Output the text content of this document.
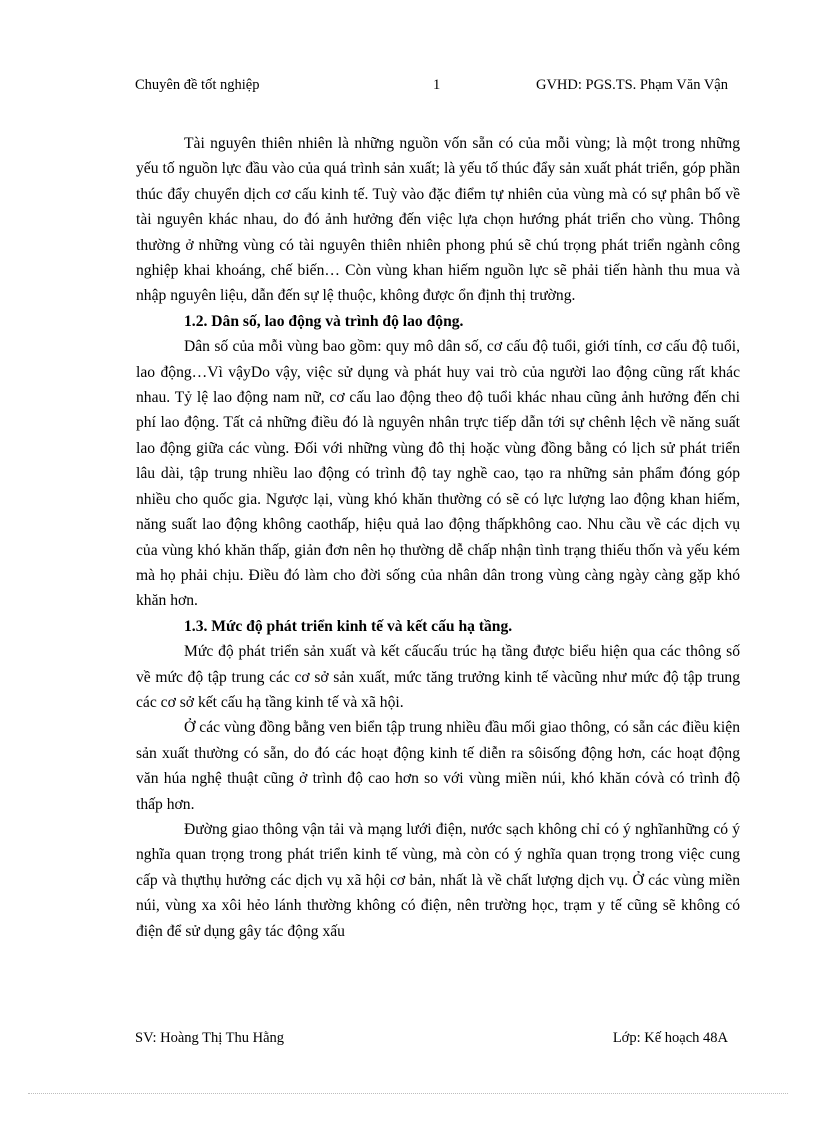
Chuyên đề tốt nghiệp	1	GVHD: PGS.TS. Phạm Văn Vận

Tài nguyên thiên nhiên là những nguồn vốn sẵn có của mỗi vùng; là một trong những yếu tố nguồn lực đầu vào của quá trình sản xuất; là yếu tố thúc đẩy sản xuất phát triển, góp phần thúc đẩy chuyển dịch cơ cấu kinh tế. Tuỳ vào đặc điểm tự nhiên của vùng mà có sự phân bố về tài nguyên khác nhau, do đó ảnh hưởng đến việc lựa chọn hướng phát triển cho vùng. Thông thường ở những vùng có tài nguyên thiên nhiên phong phú sẽ chú trọng phát triển ngành công nghiệp khai khoáng, chế biến… Còn vùng khan hiếm nguồn lực sẽ phải tiến hành thu mua và nhập nguyên liệu, dẫn đến sự lệ thuộc, không được ổn định thị trường.

1.2. Dân số, lao động và trình độ lao động.

Dân số của mỗi vùng bao gồm: quy mô dân số, cơ cấu độ tuổi, giới tính, cơ cấu độ tuổi, lao động…Vì vậyDo vậy, việc sử dụng và phát huy vai trò của người lao động cũng rất khác nhau. Tỷ lệ lao động nam nữ, cơ cấu lao động theo độ tuổi khác nhau cũng ảnh hưởng đến chi phí lao động. Tất cả những điều đó là nguyên nhân trực tiếp dẫn tới sự chênh lệch về năng suất lao động giữa các vùng. Đối với những vùng đô thị hoặc vùng đồng bằng có lịch sử phát triển lâu dài, tập trung nhiều lao động có trình độ tay nghề cao, tạo ra những sản phẩm đóng góp nhiều cho quốc gia. Ngược lại, vùng khó khăn thường có sẽ có lực lượng lao động khan hiếm, năng suất lao động không caothấp, hiệu quả lao động thấpkhông cao. Nhu cầu về các dịch vụ của vùng khó khăn thấp, giản đơn nên họ thường dễ chấp nhận tình trạng thiếu thốn và yếu kém mà họ phải chịu. Điều đó làm cho đời sống của nhân dân trong vùng càng ngày càng gặp khó khăn hơn.

1.3. Mức độ phát triển kinh tế và kết cấu hạ tầng.

Mức độ phát triển sản xuất và kết cấucấu trúc hạ tầng được biểu hiện qua các thông số về mức độ tập trung các cơ sở sản xuất, mức tăng trưởng kinh tế vàcũng như mức độ tập trung các cơ sở kết cấu hạ tầng kinh tế và xã hội.

Ở các vùng đồng bằng ven biển tập trung nhiều đầu mối giao thông, có sẵn các điều kiện sản xuất thường có sẵn, do đó các hoạt động kinh tế diễn ra sôisống động hơn, các hoạt động văn húa nghệ thuật cũng ở trình độ cao hơn so với vùng miền núi, khó khăn cóvà có trình độ thấp hơn.

Đường giao thông vận tải và mạng lưới điện, nước sạch không chỉ có ý nghĩanhững có ý nghĩa quan trọng trong phát triển kinh tế vùng, mà còn có ý nghĩa quan trọng trong việc cung cấp và thựthụ hưởng các dịch vụ xã hội cơ bản, nhất là về chất lượng dịch vụ. Ở các vùng miền núi, vùng xa xôi hẻo lánh thường không có điện, nên trường học, trạm y tế cũng sẽ không có điện để sử dụng gây tác động xấu

SV: Hoàng Thị Thu Hằng	Lớp: Kế hoạch 48A
